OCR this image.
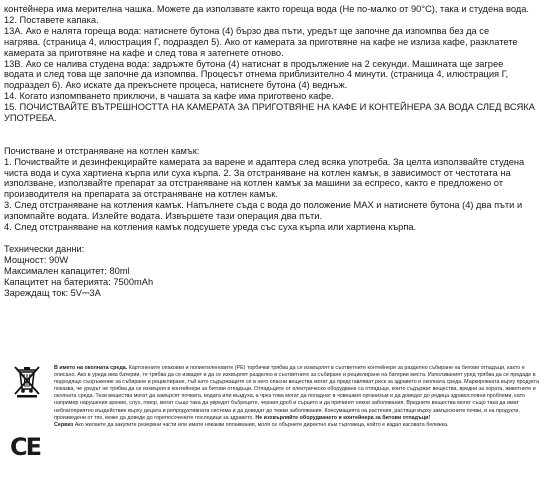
контейнера има мерителна чашка. Можете да използвате както гореща вода (Не по-малко от 90°C), така и студена вода.

12. Поставете капака.

13А. Ако е налята гореща вода: натиснете бутона (4) бързо два пъти, уредът ще започне да изпомпва без да се

нагрява. (страница 4, илюстрация Г, подраздел 5). Ако от камерата за приготвяне на кафе не излиза кафе, разклатете

камерата за приготвяне на кафе и след това я затегнете отново.

13В. Ако се налива студена вода: задръжте бутона (4) натиснат в продължение на 2 секунди. Машината ще загрее

водата и след това ще започне да изпомпва. Процесът отнема приблизително 4 минути. (страница 4, илюстрация Г,

подраздел 6). Ако искате да прекъснете процеса, натиснете бутона (4) веднъж.

14. Когато изпомпването приключи, в чашата за кафе има приготвено кафе.

15. ПОЧИСТВАЙТЕ ВЪТРЕШНОСТТА НА КАМЕРАТА ЗА ПРИГОТВЯНЕ НА КАФЕ И КОНТЕЙНЕРА ЗА ВОДА СЛЕД ВСЯКА

УПОТРЕБА.

Почистване и отстраняване на котлен камък:

1. Почиствайте и дезинфекцирайте камерата за варене и адаптера след всяка употреба. За целта използвайте студена

чиста вода и суха хартиена кърпа или суха кърпа. 2. За отстраняване на котлен камък, в зависимост от честотата на

използване, използвайте препарат за отстраняване на котлен камък за машини за еспресо, както е предложено от

производителя на препарата за отстраняване на котлен камък.

3. След отстраняване на котления камък. Напълнете съда с вода до положение MAX и натиснете бутона (4) два пъти и

изпомпайте водата. Излейте водата. Извършете тази операция два пъти.

4. След отстраняване на котления камък подсушете уреда със суха кърпа или хартиена кърпа.

Технически данни:

Мощност: 90W

Максимален капацитет: 80ml

Капацитет на батерията: 7500mAh

Зареждащ ток: 5V⎓3A

CE

В името на околната среда. Картонените опаковки и полиетиленовите (PE) торбички трябва да се изхвърлят в съответните контейнери за разделно събиране на битови отпадъци, както е описано. Ако в уреда има батерии, те трябва да се извадят и да се изхвърлят разделно в съответните за събиране и рециклиране на батерии места. Използваният уред трябва да се предаде в подходящо съоръжение за събиране и рециклиране, тъй като съдържащите се в него опасни вещества могат да представляват риск за здравето и околната среда. Маркировката върху продукта показва, че уредът не трябва да се изхвърля в контейнери за битови отпадъци. Отпадъците от електрическо оборудване са отпадъци, които съдържат вещества, вредни за хората, животните и околната среда. Тези вещества могат да замърсят почвата, водата или въздуха, а чрез това могат да попаднат в човешкия организъм и да доведат до редица здравословни проблеми, като например нарушения зрение, слух, говор, могат също така да увредят бъбреците, черния дроб и сърцето и да причинят някои заболявания. Вредните вещества могат също така да имат неблагоприятно въздействие върху децата и репродуктивната система и да доведат до тежки заболявания. Консумацията на растения, растящи върху замърсените почви, и на продукти, произведени от тях, може да доведе до горепосочените последици за здравето. Не изхвърляйте оборудването в контейнера за битови отпадъци!

Сервиз Ако желаете да закупите резервни части или имате някакви оплаквания, моля се обърнете директно към търговеца, който е издал касовата бележка.
